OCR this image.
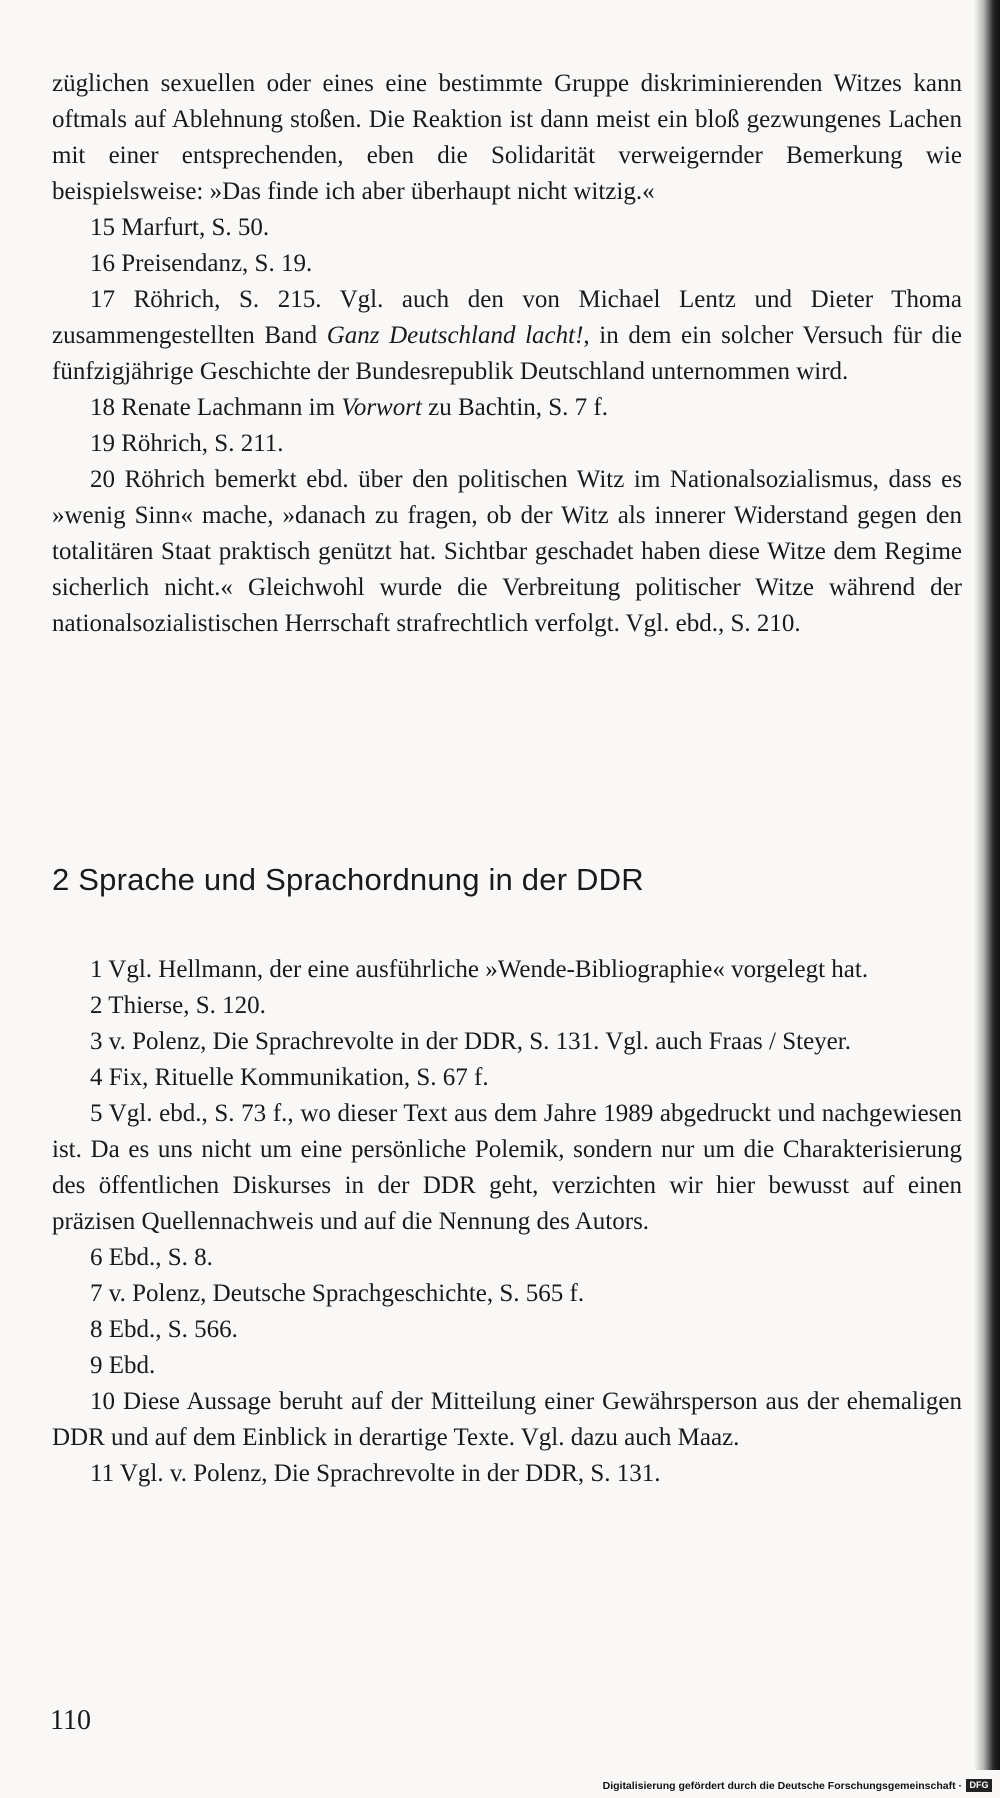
züglichen sexuellen oder eines eine bestimmte Gruppe diskriminierenden Witzes kann oftmals auf Ablehnung stoßen. Die Reaktion ist dann meist ein bloß gezwungenes Lachen mit einer entsprechenden, eben die Solidarität verweigernder Bemerkung wie beispielsweise: »Das finde ich aber überhaupt nicht witzig.«

15 Marfurt, S. 50.

16 Preisendanz, S. 19.

17 Röhrich, S. 215. Vgl. auch den von Michael Lentz und Dieter Thoma zusammengestellten Band Ganz Deutschland lacht!, in dem ein solcher Versuch für die fünfzigjährige Geschichte der Bundesrepublik Deutschland unternommen wird.

18 Renate Lachmann im Vorwort zu Bachtin, S. 7 f.

19 Röhrich, S. 211.

20 Röhrich bemerkt ebd. über den politischen Witz im Nationalsozialismus, dass es »wenig Sinn« mache, »danach zu fragen, ob der Witz als innerer Widerstand gegen den totalitären Staat praktisch genützt hat. Sichtbar geschadet haben diese Witze dem Regime sicherlich nicht.« Gleichwohl wurde die Verbreitung politischer Witze während der nationalsozialistischen Herrschaft strafrechtlich verfolgt. Vgl. ebd., S. 210.

2 Sprache und Sprachordnung in der DDR

1 Vgl. Hellmann, der eine ausführliche »Wende-Bibliographie« vorgelegt hat.

2 Thierse, S. 120.

3 v. Polenz, Die Sprachrevolte in der DDR, S. 131. Vgl. auch Fraas / Steyer.

4 Fix, Rituelle Kommunikation, S. 67 f.

5 Vgl. ebd., S. 73 f., wo dieser Text aus dem Jahre 1989 abgedruckt und nachgewiesen ist. Da es uns nicht um eine persönliche Polemik, sondern nur um die Charakterisierung des öffentlichen Diskurses in der DDR geht, verzichten wir hier bewusst auf einen präzisen Quellennachweis und auf die Nennung des Autors.

6 Ebd., S. 8.

7 v. Polenz, Deutsche Sprachgeschichte, S. 565 f.

8 Ebd., S. 566.

9 Ebd.

10 Diese Aussage beruht auf der Mitteilung einer Gewährsperson aus der ehemaligen DDR und auf dem Einblick in derartige Texte. Vgl. dazu auch Maaz.

11 Vgl. v. Polenz, Die Sprachrevolte in der DDR, S. 131.

110
Digitalisierung gefördert durch die Deutsche Forschungsgemeinschaft · DFG
